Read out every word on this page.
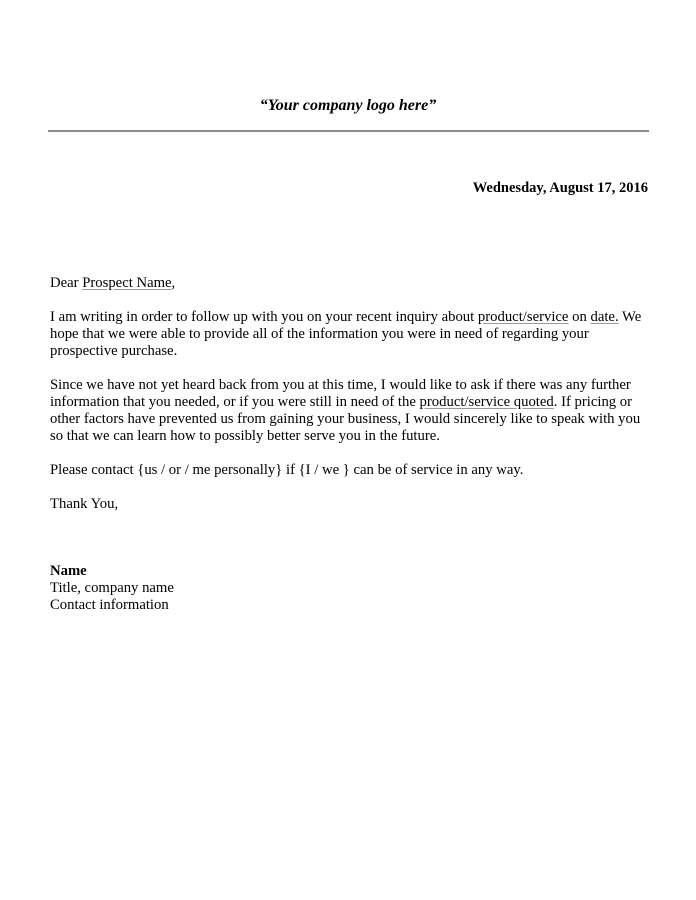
“Your company logo here”
Wednesday, August 17, 2016
Dear Prospect Name,
I am writing in order to follow up with you on your recent inquiry about product/service on date. We hope that we were able to provide all of the information you were in need of regarding your prospective purchase.
Since we have not yet heard back from you at this time, I would like to ask if there was any further information that you needed, or if you were still in need of the product/service quoted. If pricing or other factors have prevented us from gaining your business, I would sincerely like to speak with you so that we can learn how to possibly better serve you in the future.
Please contact {us / or / me personally} if {I / we } can be of service in any way.
Thank You,
Name
Title, company name
Contact information
